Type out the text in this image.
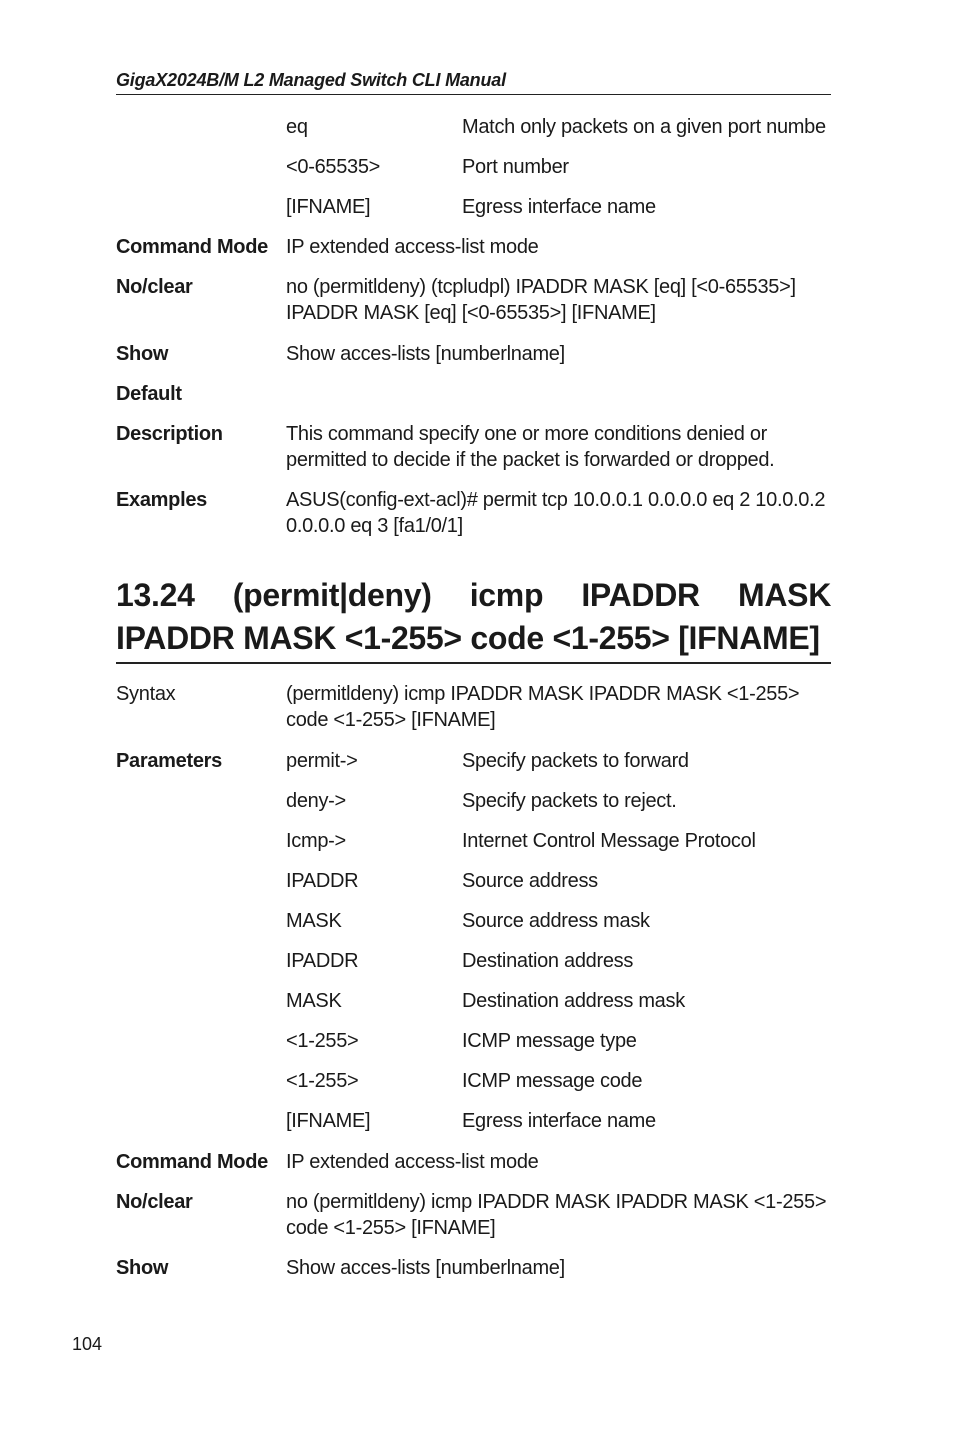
GigaX2024B/M L2 Managed Switch CLI Manual
eq	Match only packets on a given port numbe
<0-65535>	Port number
[IFNAME]	Egress interface name
Command Mode IP extended access-list mode
No/clear	no (permitldeny) (tcpludpl) IPADDR MASK [eq] [<0-65535>]
IPADDR MASK [eq] [<0-65535>] [IFNAME]
Show	Show acces-lists [numberlname]
Default
Description	This command specify one or more conditions denied or
permitted to decide if the packet is forwarded or dropped.
Examples	ASUS(config-ext-acl)# permit tcp 10.0.0.1 0.0.0.0 eq 2 10.0.0.2
0.0.0.0 eq 3 [fa1/0/1]
13.24 (permit|deny) icmp IPADDR MASK IPADDR MASK <1-255> code <1-255> [IFNAME]
Syntax	(permitldeny) icmp IPADDR MASK IPADDR MASK <1-255>
code <1-255> [IFNAME]
Parameters	permit->	Specify packets to forward
deny->	Specify packets to reject.
Icmp->	Internet Control Message Protocol
IPADDR	Source address
MASK	Source address mask
IPADDR	Destination address
MASK	Destination address mask
<1-255>	ICMP message type
<1-255>	ICMP message code
[IFNAME]	Egress interface name
Command Mode IP extended access-list mode
No/clear	no (permitldeny) icmp IPADDR MASK IPADDR MASK <1-255>
code <1-255> [IFNAME]
Show	Show acces-lists [numberlname]
104
